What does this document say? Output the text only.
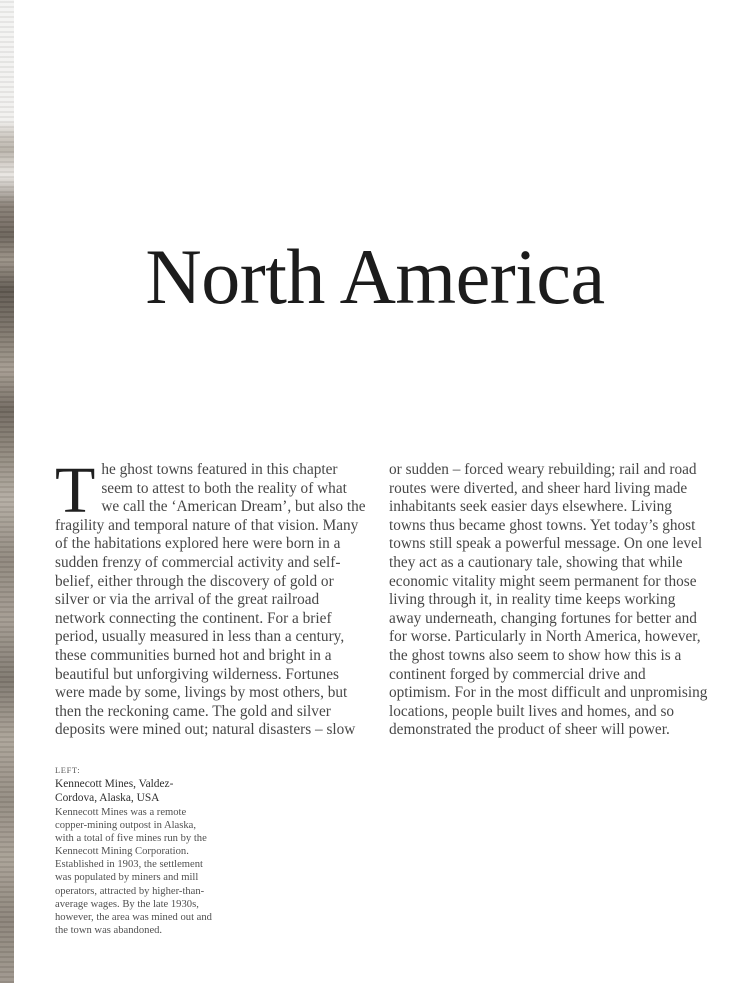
North America

The ghost towns featured in this chapter seem to attest to both the reality of what we call the ‘American Dream’, but also the fragility and temporal nature of that vision. Many of the habitations explored here were born in a sudden frenzy of commercial activity and self-belief, either through the discovery of gold or silver or via the arrival of the great railroad network connecting the continent. For a brief period, usually measured in less than a century, these communities burned hot and bright in a beautiful but unforgiving wilderness. Fortunes were made by some, livings by most others, but then the reckoning came. The gold and silver deposits were mined out; natural disasters – slow

or sudden – forced weary rebuilding; rail and road routes were diverted, and sheer hard living made inhabitants seek easier days elsewhere. Living towns thus became ghost towns. Yet today’s ghost towns still speak a powerful message. On one level they act as a cautionary tale, showing that while economic vitality might seem permanent for those living through it, in reality time keeps working away underneath, changing fortunes for better and for worse. Particularly in North America, however, the ghost towns also seem to show how this is a continent forged by commercial drive and optimism. For in the most difficult and unpromising locations, people built lives and homes, and so demonstrated the product of sheer will power.

LEFT:
Kennecott Mines, Valdez-Cordova, Alaska, USA
Kennecott Mines was a remote copper-mining outpost in Alaska, with a total of five mines run by the Kennecott Mining Corporation. Established in 1903, the settlement was populated by miners and mill operators, attracted by higher-than-average wages. By the late 1930s, however, the area was mined out and the town was abandoned.
